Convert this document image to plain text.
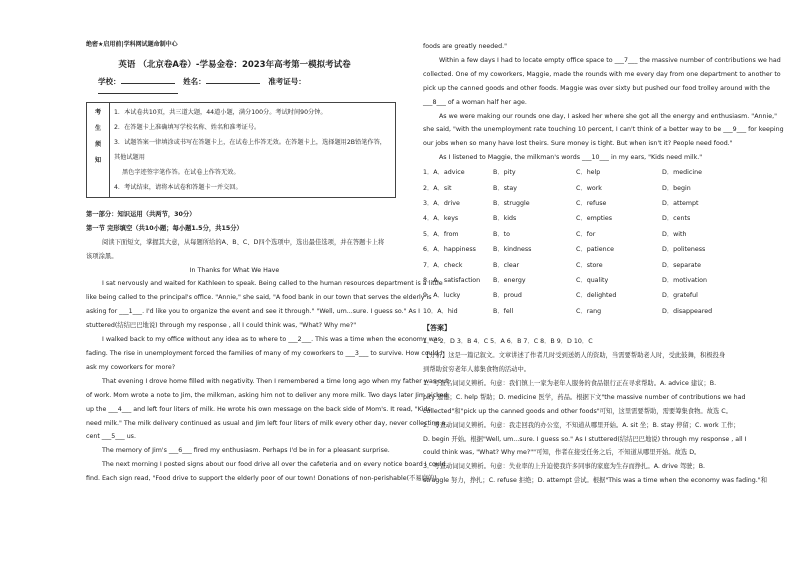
绝密★启用前|学科网试题命制中心
英语 （北京卷A卷）-学易金卷：2023年高考第一模拟考试卷
学校：	姓名：	准考证号：
考
生
须
知

1．本试卷共10页，共三道大题，44道小题，满分100分。考试时间90分钟。
2．在答题卡上准确填写学校名称、姓名和准考证号。
3．试题答案一律填涂或书写在答题卡上，在试卷上作答无效。在答题卡上，选择题用2B铅笔作答，其他试题用
黑色字迹签字笔作答。在试卷上作答无效。
4．考试结束，请将本试卷和答题卡一并交回。
第一部分：知识运用（共两节，30分）
第一节 完形填空（共10小题；每小题1.5分，共15分）
阅读下面短文，掌握其大意，从每题所给的A、B、C、D四个选项中，选出最佳选项，并在答题卡上将
该项涂黑。
In Thanks for What We Have
I sat nervously and waited for Kathleen to speak. Being called to the human resources department is a little
like being called to the principal's office. "Annie," she said, "A food bank in our town that serves the elderly is
asking for ___1___. I'd like you to organize the event and see it through." "Well, um...sure. I guess so." As I
stuttered(结结巴巴地说) through my response , all I could think was, "What? Why me?"
I walked back to my office without any idea as to where to ___2___. This was a time when the economy was
fading. The rise in unemployment forced the families of many of my coworkers to ___3___ to survive. How could I
ask my coworkers for more?
That evening I drove home filled with negativity. Then I remembered a time long ago when my father was out
of work. Mom wrote a note to Jim, the milkman, asking him not to deliver any more milk. Two days later Jim picked
up the ___4___ and left four liters of milk. He wrote his own message on the back side of Mom's. It read, "Kids
need milk." The milk delivery continued as usual and Jim left four liters of milk every other day, never collecting a
cent ___5___ us.
The memory of Jim's ___6___ fired my enthusiasm. Perhaps I'd be in for a pleasant surprise.
The next morning I posted signs about our food drive all over the cafeteria and on every notice board I could
find. Each sign read, "Food drive to support the elderly poor of our town! Donations of non-perishable(不易腐的)
foods are greatly needed."
Within a few days I had to locate empty office space to ___7___ the massive number of contributions we had
collected. One of my coworkers, Maggie, made the rounds with me every day from one department to another to
pick up the canned goods and other foods. Maggie was over sixty but pushed our food trolley around with the
___8___ of a woman half her age.
As we were making our rounds one day, I asked her where she got all the energy and enthusiasm. "Annie,"
she said, "with the unemployment rate touching 10 percent, I can't think of a better way to be ___9___ for keeping
our jobs when so many have lost theirs. Sure money is tight. But when isn't it? People need food."
As I listened to Maggie, the milkman's words ___10___ in my ears, "Kids need milk."
1．A．advice	B．pity	C．help	D．medicine
2．A．sit	B．stay	C．work	D．begin
3．A．drive	B．struggle	C．refuse	D．attempt
4．A．keys	B．kids	C．empties	D．cents
5．A．from	B．to	C．for	D．with
6．A．happiness	B．kindness	C．patience	D．politeness
7．A．check	B．clear	C．store	D．separate
8．A．satisfaction	B．energy	C．quality	D．motivation
9．A．lucky	B．proud	C．delighted	D．grateful
10．A．hid	B．fell	C．rang	D．disappeared
【答案】
1．C 2．D 3．B 4．C 5．A 6．B 7．C 8．B 9．D 10．C
【分析】这是一篇记叙文。文章讲述了作者几时受到送奶人的资助，当需要帮助老人时，受此鼓舞，积极投身
到帮助贫穷老年人募集食物的活动中。
1．考查名词词义辨析。句意：我们镇上一家为老年人服务的食品银行正在寻求帮助。A. advice 建议；B.
pity 遗憾；C. help 帮助；D. medicine 医学，药品。根据下文"the massive number of contributions we had
collected"和"pick up the canned goods and other foods"可知，这里需要帮助，需要筹集食物。故选 C。
2．考查动词词义辨析。句意：我走回我的办公室，不知道从哪里开始。A. sit 坐；B. stay 停留；C. work 工作；
D. begin 开始。根据"Well, um...sure. I guess so." As I stuttered(结结巴巴地说) through my response , all I
could think was, "What? Why me?""可知，作者在接受任务之后，不知道从哪里开始。故选 D。
3．考查动词词义辨析。句意：失业率的上升迫使我许多同事的家庭为生存而挣扎。A. drive 驾驶；B.
struggle 努力，挣扎；C. refuse 拒绝；D. attempt 尝试。根据"This was a time when the economy was fading."和
